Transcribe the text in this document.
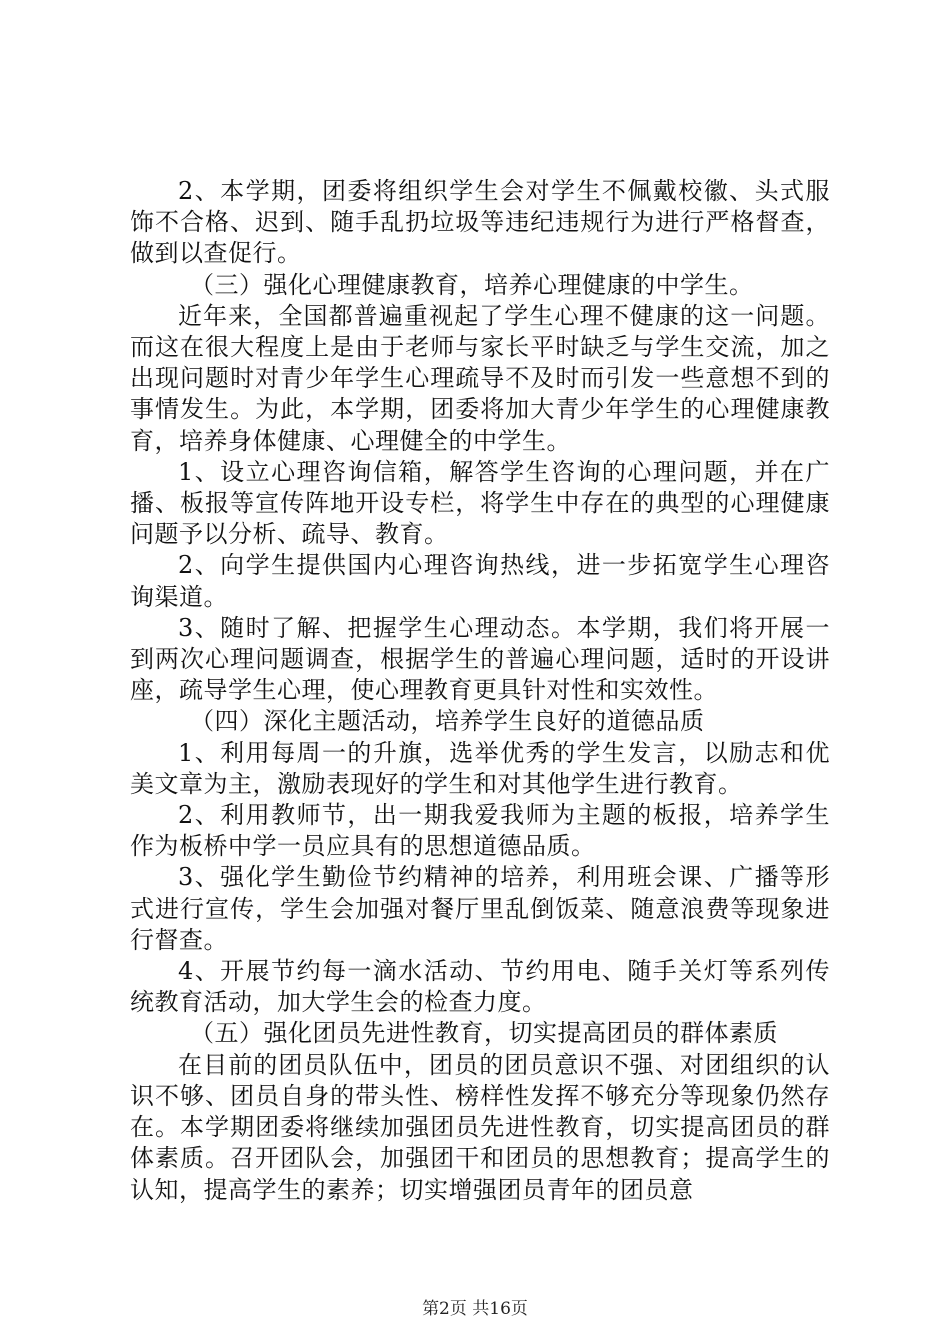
2、本学期，团委将组织学生会对学生不佩戴校徽、头式服饰不合格、迟到、随手乱扔垃圾等违纪违规行为进行严格督查，做到以查促行。

（三）强化心理健康教育，培养心理健康的中学生。

近年来，全国都普遍重视起了学生心理不健康的这一问题。而这在很大程度上是由于老师与家长平时缺乏与学生交流，加之出现问题时对青少年学生心理疏导不及时而引发一些意想不到的事情发生。为此，本学期，团委将加大青少年学生的心理健康教育，培养身体健康、心理健全的中学生。

1、设立心理咨询信箱，解答学生咨询的心理问题，并在广播、板报等宣传阵地开设专栏，将学生中存在的典型的心理健康问题予以分析、疏导、教育。

2、向学生提供国内心理咨询热线，进一步拓宽学生心理咨询渠道。

3、随时了解、把握学生心理动态。本学期，我们将开展一到两次心理问题调查，根据学生的普遍心理问题，适时的开设讲座，疏导学生心理，使心理教育更具针对性和实效性。

（四）深化主题活动，培养学生良好的道德品质

1、利用每周一的升旗，选举优秀的学生发言，以励志和优美文章为主，激励表现好的学生和对其他学生进行教育。

2、利用教师节，出一期我爱我师为主题的板报，培养学生作为板桥中学一员应具有的思想道德品质。

3、强化学生勤俭节约精神的培养，利用班会课、广播等形式进行宣传，学生会加强对餐厅里乱倒饭菜、随意浪费等现象进行督查。

4、开展节约每一滴水活动、节约用电、随手关灯等系列传统教育活动，加大学生会的检查力度。

（五）强化团员先进性教育，切实提高团员的群体素质

在目前的团员队伍中，团员的团员意识不强、对团组织的认识不够、团员自身的带头性、榜样性发挥不够充分等现象仍然存在。本学期团委将继续加强团员先进性教育，切实提高团员的群体素质。召开团队会，加强团干和团员的思想教育；提高学生的认知，提高学生的素养；切实增强团员青年的团员意

第2页 共16页
